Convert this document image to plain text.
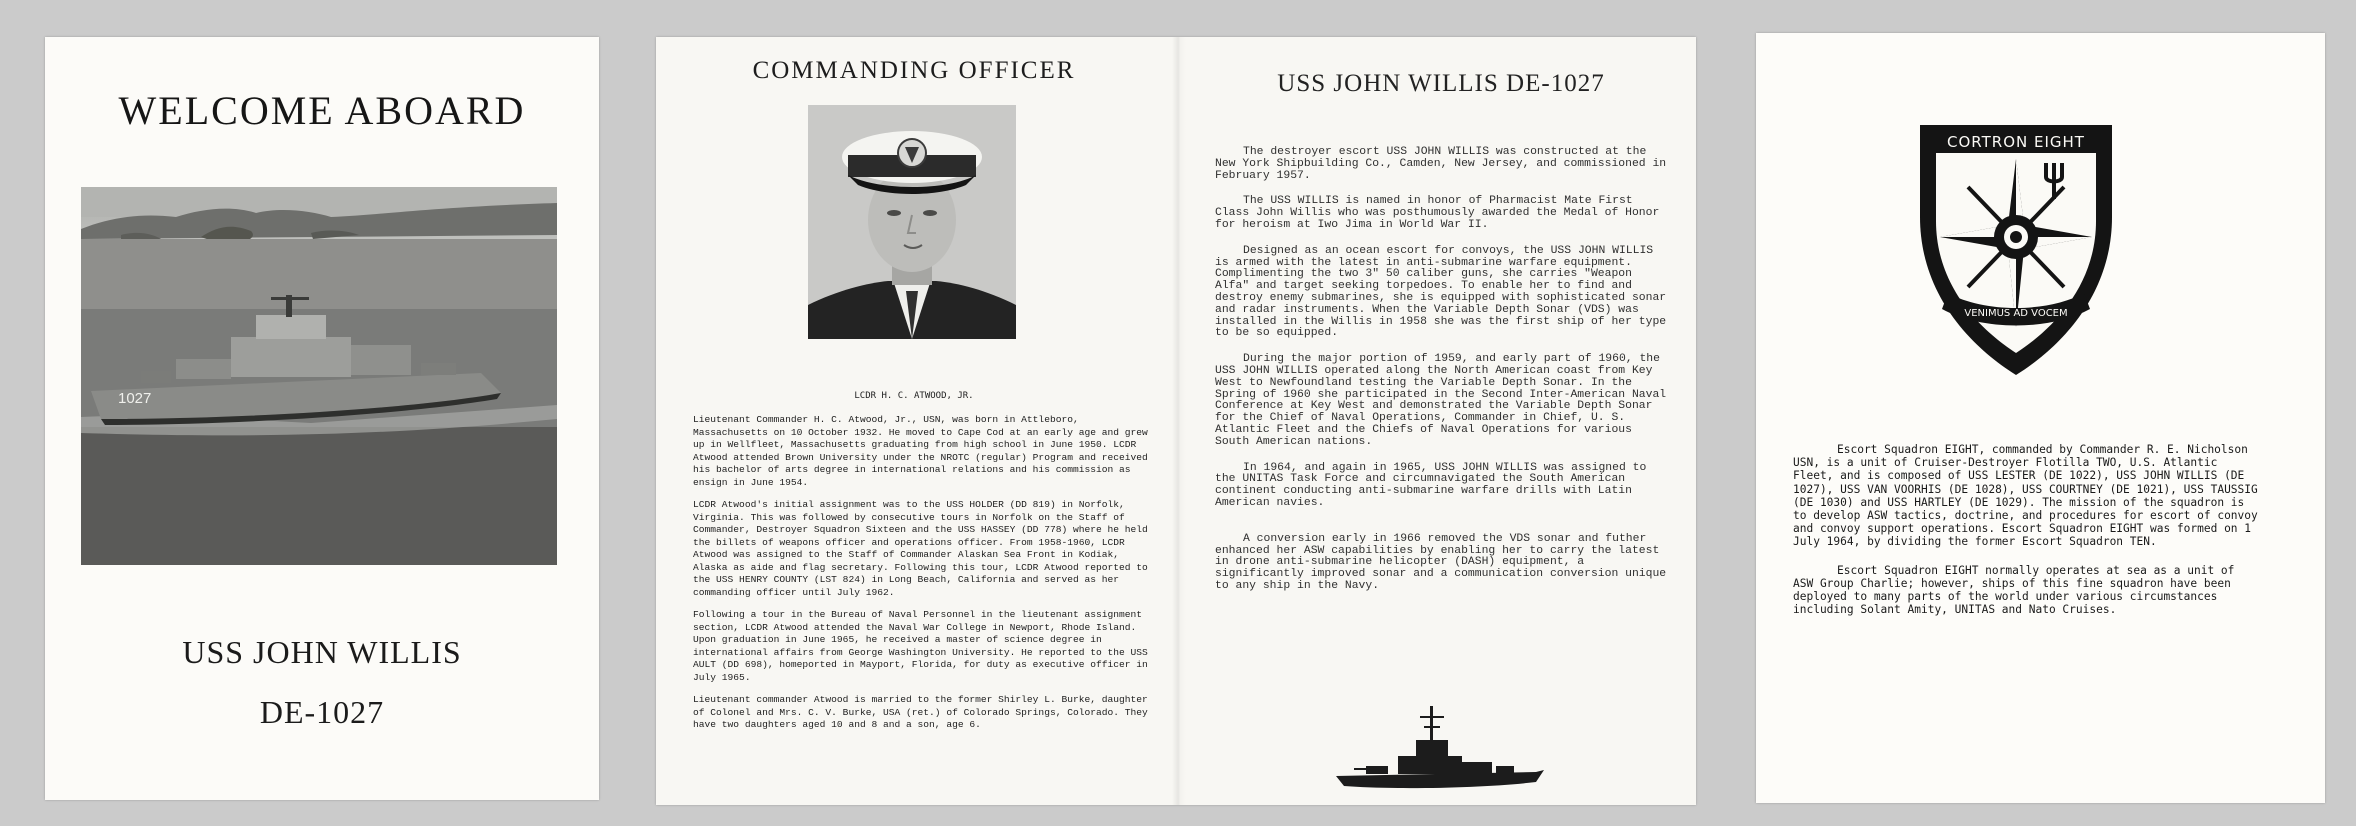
WELCOME ABOARD
1027
USS JOHN WILLIS
DE-1027
COMMANDING OFFICER
LCDR H. C. ATWOOD, JR.

Lieutenant Commander H. C. Atwood, Jr., USN, was born in Attleboro, Massachusetts on 10 October 1932. He moved to Cape Cod at an early age and grew up in Wellfleet, Massachusetts graduating from high school in June 1950. LCDR Atwood attended Brown University under the NROTC (regular) Program and received his bachelor of arts degree in international relations and his commission as ensign in June 1954.

LCDR Atwood's initial assignment was to the USS HOLDER (DD 819) in Norfolk, Virginia. This was followed by consecutive tours in Norfolk on the Staff of Commander, Destroyer Squadron Sixteen and the USS HASSEY (DD 778) where he held the billets of weapons officer and operations officer. From 1958-1960, LCDR Atwood was assigned to the Staff of Commander Alaskan Sea Front in Kodiak, Alaska as aide and flag secretary. Following this tour, LCDR Atwood reported to the USS HENRY COUNTY (LST 824) in Long Beach, California and served as her commanding officer until July 1962.

Following a tour in the Bureau of Naval Personnel in the lieutenant assignment section, LCDR Atwood attended the Naval War College in Newport, Rhode Island. Upon graduation in June 1965, he received a master of science degree in international affairs from George Washington University. He reported to the USS AULT (DD 698), homeported in Mayport, Florida, for duty as executive officer in July 1965.

Lieutenant commander Atwood is married to the former Shirley L. Burke, daughter of Colonel and Mrs. C. V. Burke, USA (ret.) of Colorado Springs, Colorado. They have two daughters aged 10 and 8 and a son, age 6.

USS JOHN WILLIS DE-1027

The destroyer escort USS JOHN WILLIS was constructed at the New York Shipbuilding Co., Camden, New Jersey, and commissioned in February 1957.

The USS WILLIS is named in honor of Pharmacist Mate First Class John Willis who was posthumously awarded the Medal of Honor for heroism at Iwo Jima in World War II.

Designed as an ocean escort for convoys, the USS JOHN WILLIS is armed with the latest in anti-submarine warfare equipment. Complimenting the two 3" 50 caliber guns, she carries "Weapon Alfa" and target seeking torpedoes. To enable her to find and destroy enemy submarines, she is equipped with sophisticated sonar and radar instruments. When the Variable Depth Sonar (VDS) was installed in the Willis in 1958 she was the first ship of her type to be so equipped.

During the major portion of 1959, and early part of 1960, the USS JOHN WILLIS operated along the North American coast from Key West to Newfoundland testing the Variable Depth Sonar. In the Spring of 1960 she participated in the Second Inter-American Naval Conference at Key West and demonstrated the Variable Depth Sonar for the Chief of Naval Operations, Commander in Chief, U. S. Atlantic Fleet and the Chiefs of Naval Operations for various South American nations.

In 1964, and again in 1965, USS JOHN WILLIS was assigned to the UNITAS Task Force and circumnavigated the South American continent conducting anti-submarine warfare drills with Latin American navies.

A conversion early in 1966 removed the VDS sonar and futher enhanced her ASW capabilities by enabling her to carry the latest in drone anti-submarine helicopter (DASH) equipment, a significantly improved sonar and a communication conversion unique to any ship in the Navy.

CORTRON EIGHT
VENIMUS AD VOCEM

Escort Squadron EIGHT, commanded by Commander R. E. Nicholson USN, is a unit of Cruiser-Destroyer Flotilla TWO, U.S. Atlantic Fleet, and is composed of USS LESTER (DE 1022), USS JOHN WILLIS (DE 1027), USS VAN VOORHIS (DE 1028), USS COURTNEY (DE 1021), USS TAUSSIG (DE 1030) and USS HARTLEY (DE 1029). The mission of the squadron is to develop ASW tactics, doctrine, and procedures for escort of convoy and convoy support operations. Escort Squadron EIGHT was formed on 1 July 1964, by dividing the former Escort Squadron TEN.

Escort Squadron EIGHT normally operates at sea as a unit of ASW Group Charlie; however, ships of this fine squadron have been deployed to many parts of the world under various circumstances including Solant Amity, UNITAS and Nato Cruises.
